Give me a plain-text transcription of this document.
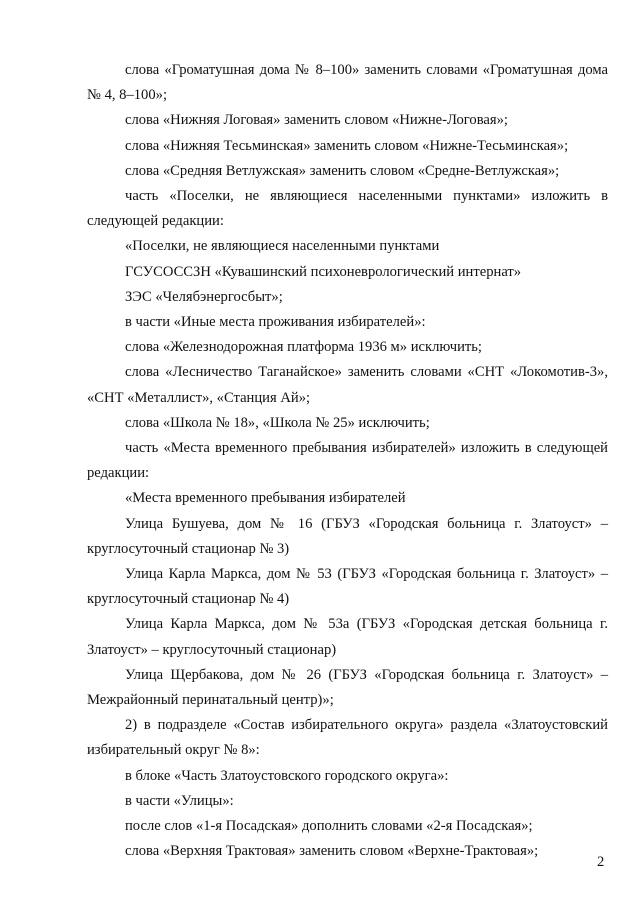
слова «Громатушная дома № 8–100» заменить словами «Громатушная дома № 4, 8–100»;

слова «Нижняя Логовая» заменить словом «Нижне-Логовая»;

слова «Нижняя Тесьминская» заменить словом «Нижне-Тесьминская»;

слова «Средняя Ветлужская» заменить словом «Средне-Ветлужская»;

часть «Поселки, не являющиеся населенными пунктами» изложить в следующей редакции:

«Поселки, не являющиеся населенными пунктами

ГСУСОССЗН «Кувашинский психоневрологический интернат»

ЗЭС «Челябэнергосбыт»;

в части «Иные места проживания избирателей»:

слова «Железнодорожная платформа 1936 м» исключить;

слова «Лесничество Таганайское» заменить словами «СНТ «Локомотив-3», «СНТ «Металлист», «Станция Ай»;

слова «Школа № 18», «Школа № 25» исключить;

часть «Места временного пребывания избирателей» изложить в следующей редакции:

«Места временного пребывания избирателей

Улица Бушуева, дом № 16 (ГБУЗ «Городская больница г. Златоуст» – круглосуточный стационар № 3)

Улица Карла Маркса, дом № 53 (ГБУЗ «Городская больница г. Златоуст» – круглосуточный стационар № 4)

Улица Карла Маркса, дом № 53а (ГБУЗ «Городская детская больница г. Златоуст» – круглосуточный стационар)

Улица Щербакова, дом № 26 (ГБУЗ «Городская больница г. Златоуст» – Межрайонный перинатальный центр)»;

2) в подразделе «Состав избирательного округа» раздела «Златоустовский избирательный округ № 8»:

в блоке «Часть Златоустовского городского округа»:

в части «Улицы»:

после слов «1-я Посадская» дополнить словами «2-я Посадская»;

слова «Верхняя Трактовая» заменить словом «Верхне-Трактовая»;

2
